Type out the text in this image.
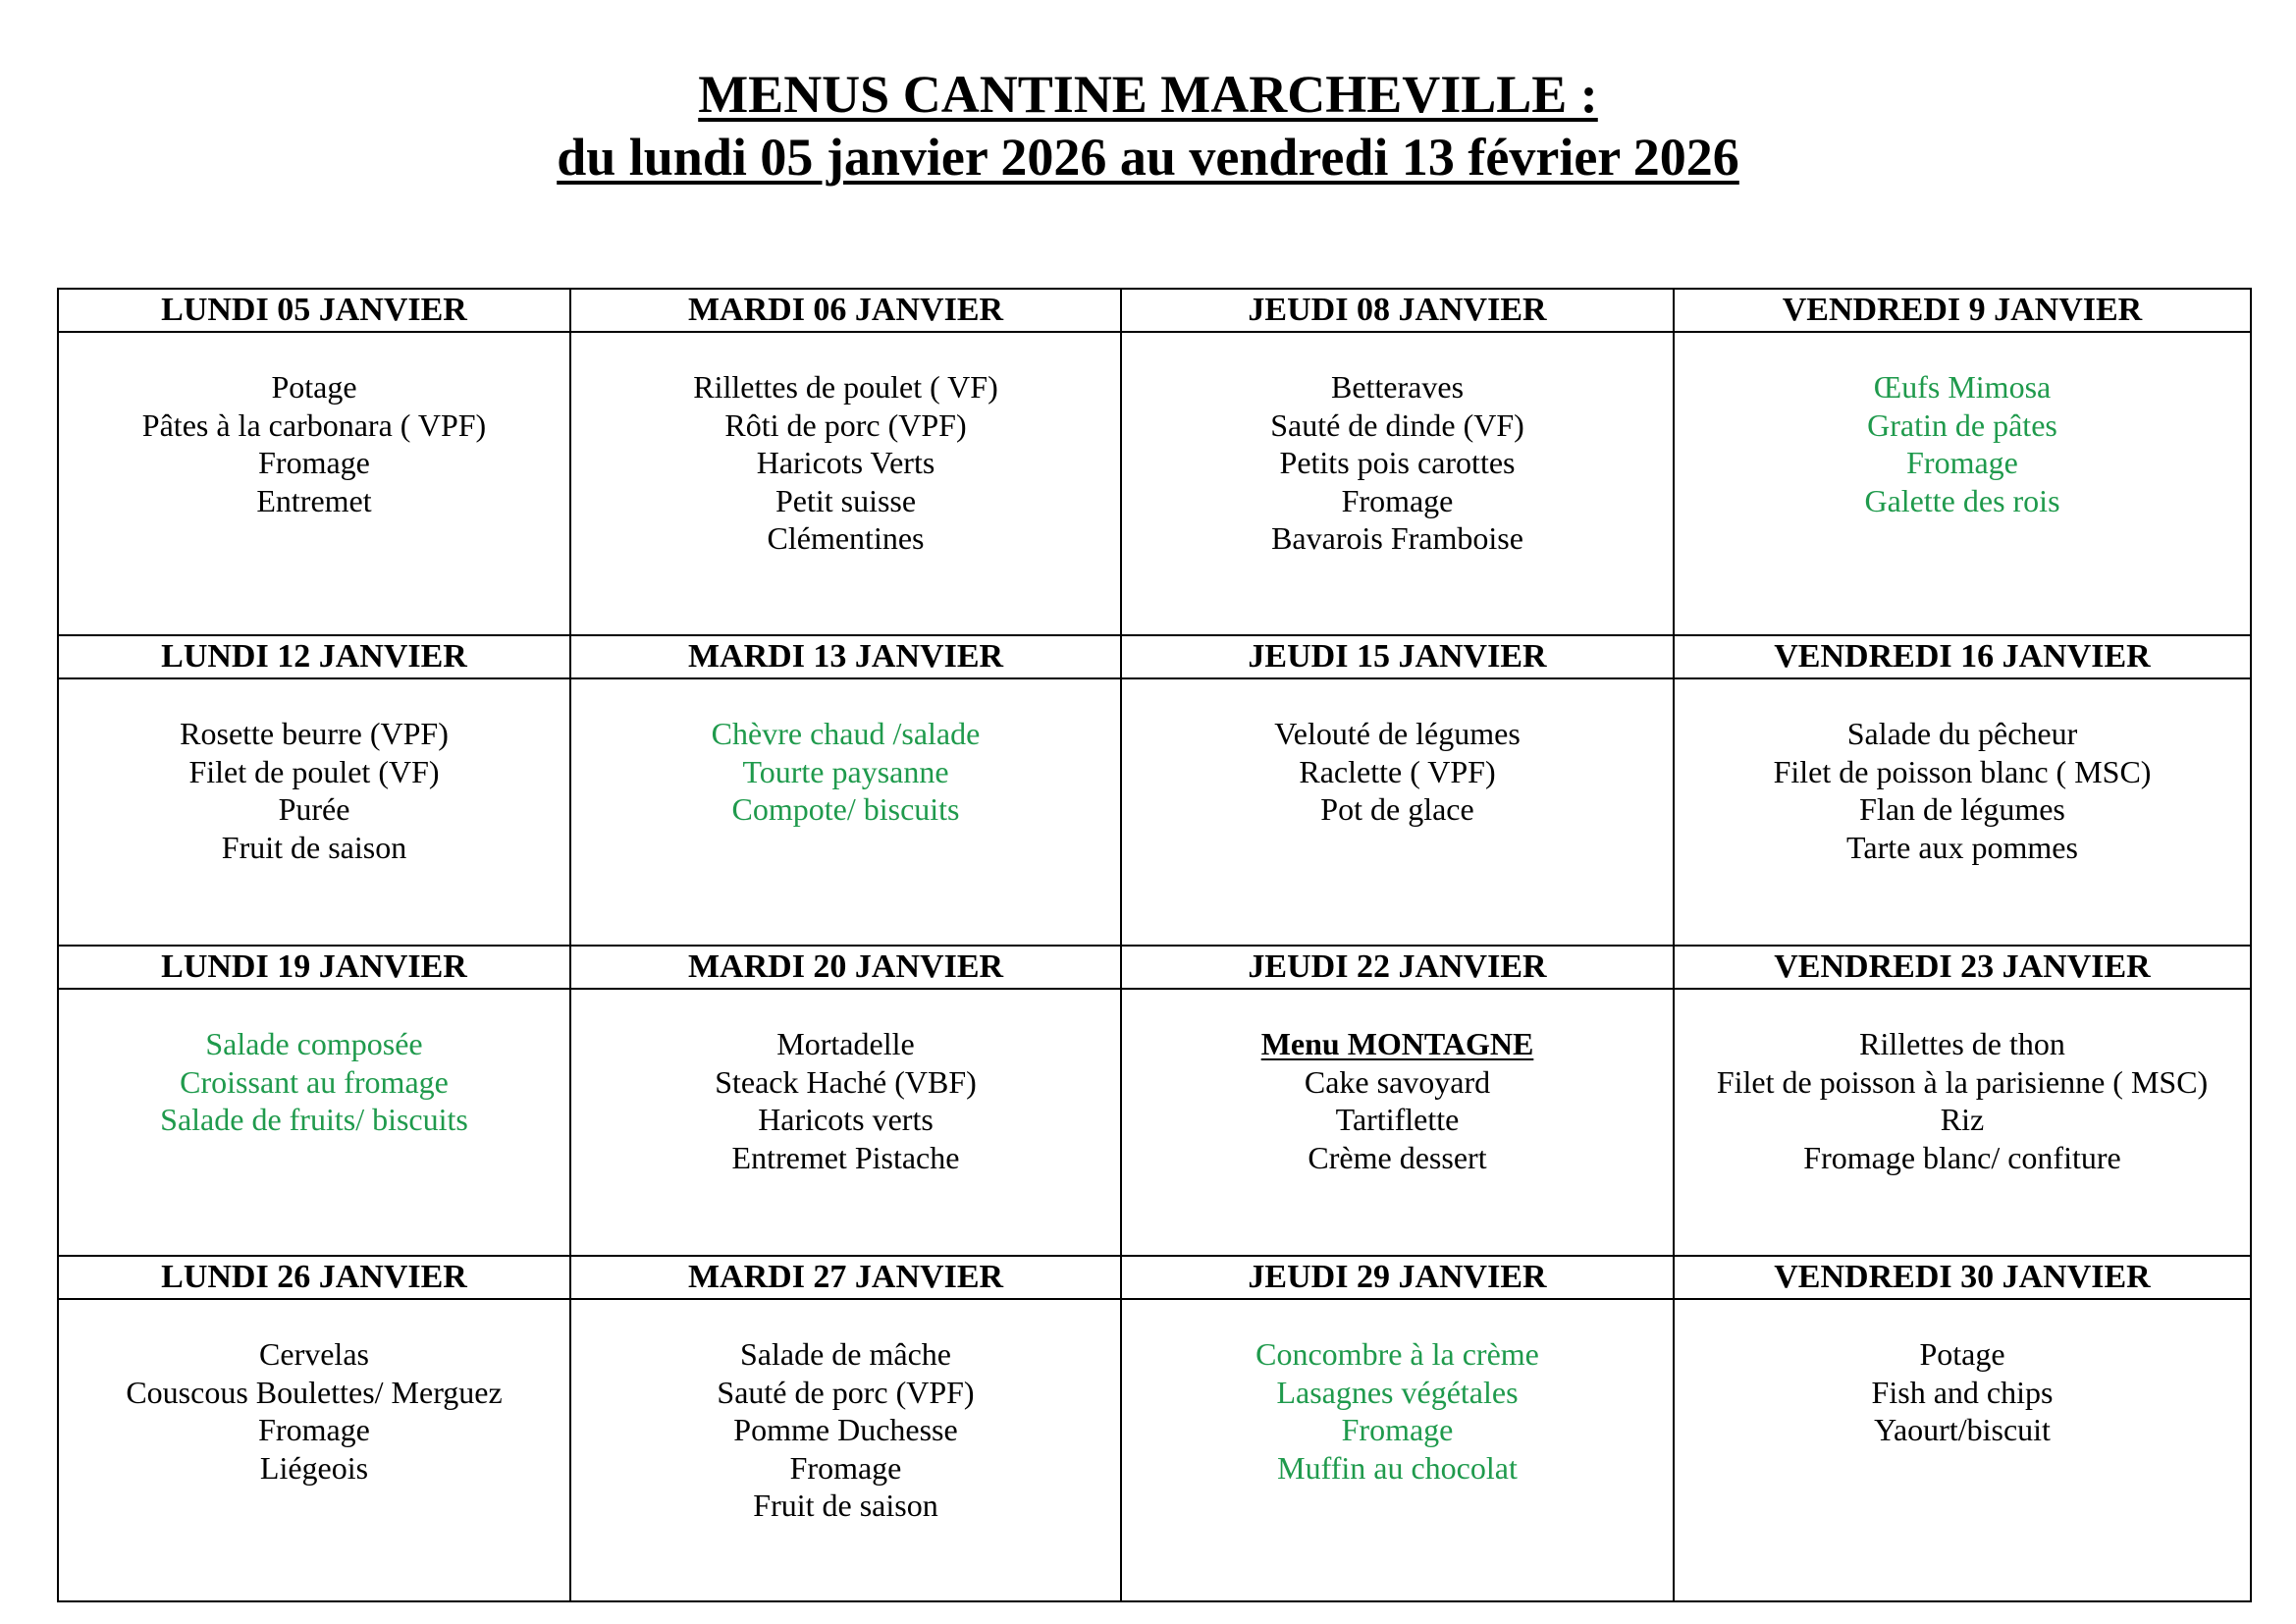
MENUS CANTINE MARCHEVILLE :

du lundi 05 janvier 2026 au vendredi 13 février 2026

LUNDI 05 JANVIER	MARDI 06 JANVIER	JEUDI 08 JANVIER	VENDREDI 9 JANVIER

Potage
Pâtes à la carbonara ( VPF)
Fromage
Entremet	Rillettes de poulet ( VF)
Rôti de porc (VPF)
Haricots Verts
Petit suisse
Clémentines	Betteraves
Sauté de dinde (VF)
Petits pois carottes
Fromage
Bavarois Framboise	Œufs Mimosa
Gratin de pâtes
Fromage
Galette des rois

LUNDI 12 JANVIER	MARDI 13 JANVIER	JEUDI 15 JANVIER	VENDREDI 16 JANVIER

Rosette beurre (VPF)
Filet de poulet (VF)
Purée
Fruit de saison	Chèvre chaud /salade
Tourte paysanne
Compote/ biscuits	Velouté de légumes
Raclette ( VPF)
Pot de glace	Salade du pêcheur
Filet de poisson blanc ( MSC)
Flan de légumes
Tarte aux pommes

LUNDI 19 JANVIER	MARDI 20 JANVIER	JEUDI 22 JANVIER	VENDREDI 23 JANVIER

Salade composée
Croissant au fromage
Salade de fruits/ biscuits	Mortadelle
Steack Haché (VBF)
Haricots verts
Entremet Pistache	Menu MONTAGNE
Cake savoyard
Tartiflette
Crème dessert	Rillettes de thon
Filet de poisson à la parisienne ( MSC)
Riz
Fromage blanc/ confiture

LUNDI 26 JANVIER	MARDI 27 JANVIER	JEUDI 29 JANVIER	VENDREDI 30 JANVIER

Cervelas
Couscous Boulettes/ Merguez
Fromage
Liégeois	Salade de mâche
Sauté de porc (VPF)
Pomme Duchesse
Fromage
Fruit de saison	Concombre à la crème
Lasagnes végétales
Fromage
Muffin au chocolat	Potage
Fish and chips
Yaourt/biscuit
